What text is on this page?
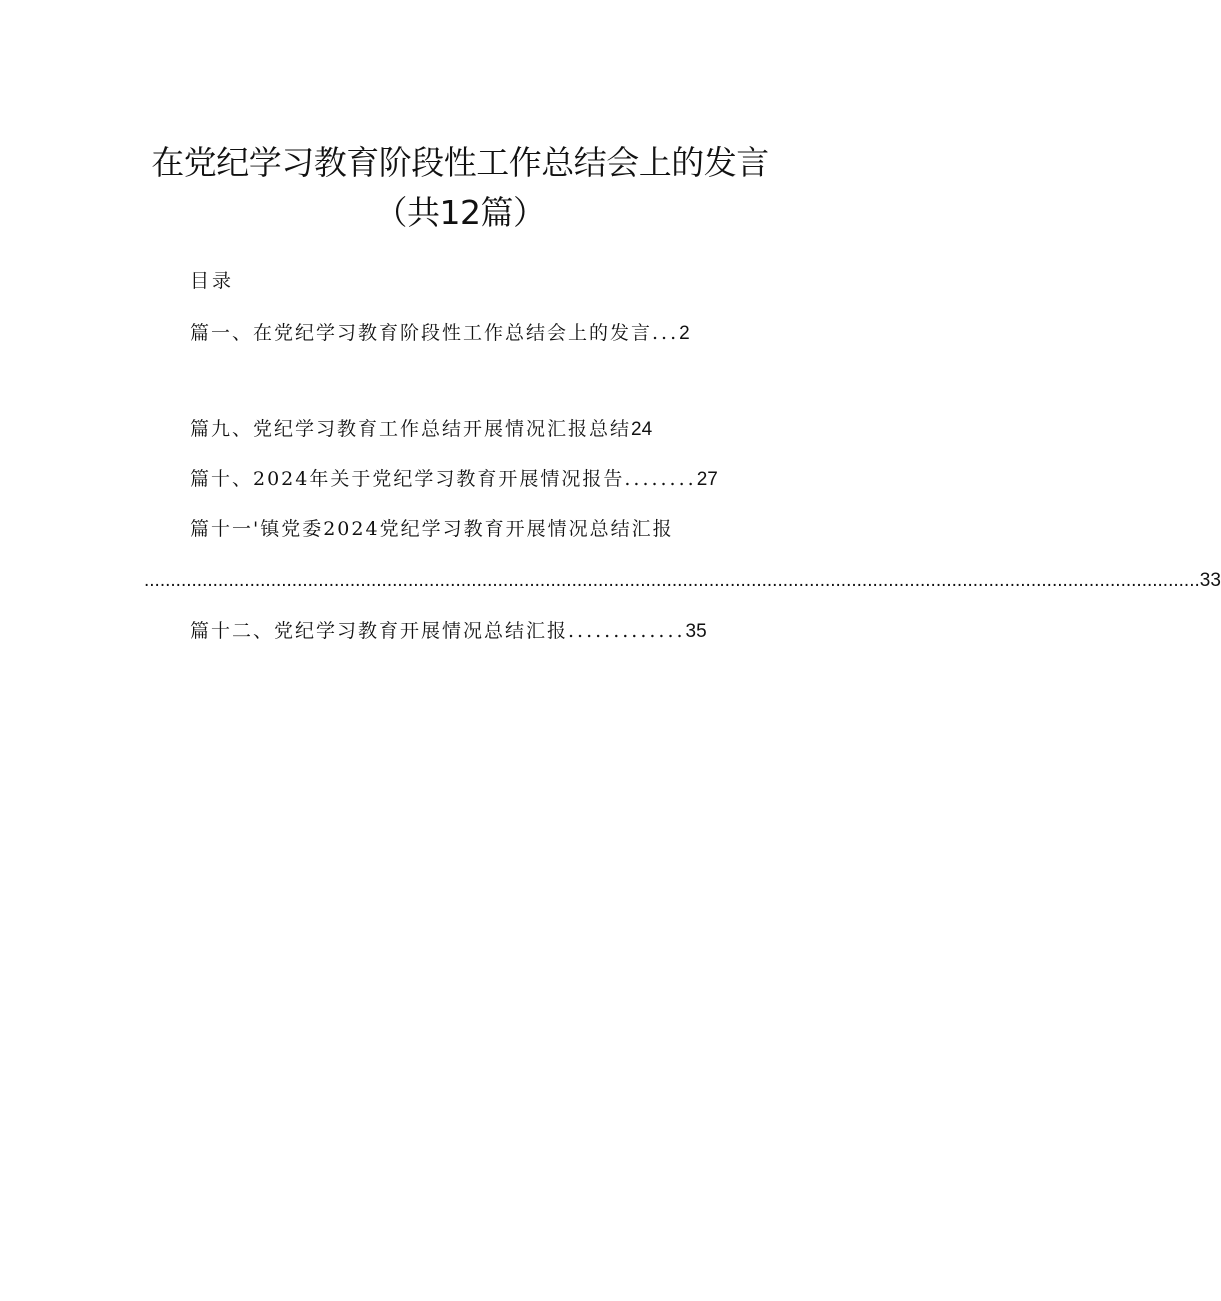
在党纪学习教育阶段性工作总结会上的发言（共12篇）
目录
篇一、在党纪学习教育阶段性工作总结会上的发言...2
篇九、党纪学习教育工作总结开展情况汇报总结24
篇十、2024年关于党纪学习教育开展情况报告........27
篇十一'镇党委2024党纪学习教育开展情况总结汇报
........................................................................................................................................................................................................ 33
篇十二、党纪学习教育开展情况总结汇报.............35
